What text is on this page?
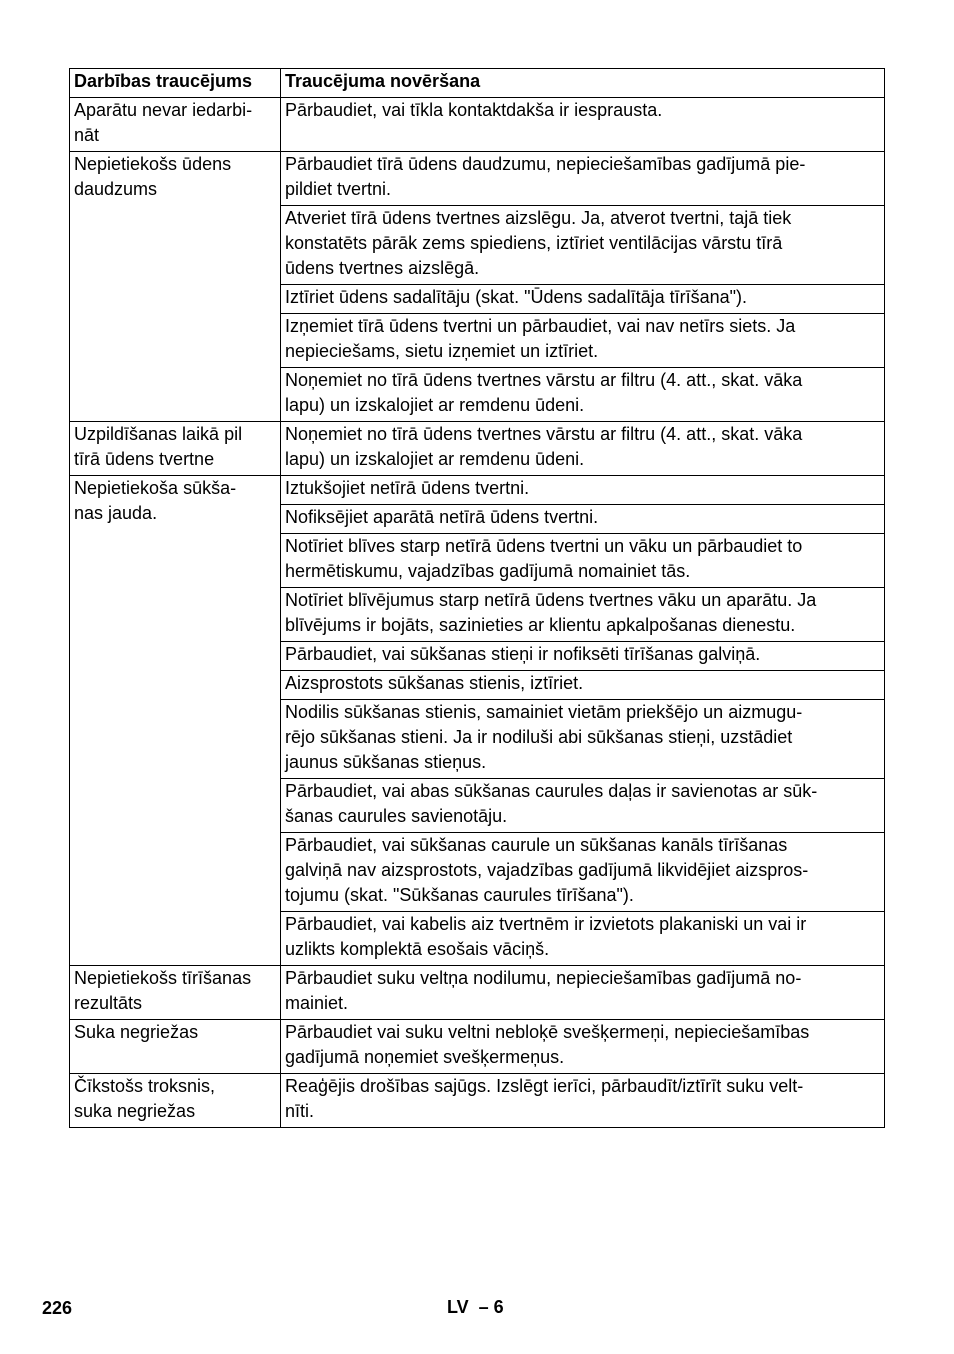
Darbības traucējums	Traucējuma novēršana
Aparātu nevar iedarbi-
nāt	Pārbaudiet, vai tīkla kontaktdakša ir iesprausta.
Nepietiekošs ūdens daudzums	Pārbaudiet tīrā ūdens daudzumu, nepieciešamības gadījumā pie-
pildiet tvertni.
	Atveriet tīrā ūdens tvertnes aizslēgu. Ja, atverot tvertni, tajā tiek
konstatēts pārāk zems spiediens, iztīriet ventilācijas vārstu tīrā
ūdens tvertnes aizslēgā.
	Iztīriet ūdens sadalītāju (skat. "Ūdens sadalītāja tīrīšana").
	Izņemiet tīrā ūdens tvertni un pārbaudiet, vai nav netīrs siets. Ja
nepieciešams, sietu izņemiet un iztīriet.
	Noņemiet no tīrā ūdens tvertnes vārstu ar filtru (4. att., skat. vāka
lapu) un izskalojiet ar remdenu ūdeni.
Uzpildīšanas laikā pil
tīrā ūdens tvertne	Noņemiet no tīrā ūdens tvertnes vārstu ar filtru (4. att., skat. vāka
lapu) un izskalojiet ar remdenu ūdeni.
Nepietiekoša sūkša-
nas jauda.	Iztukšojiet netīrā ūdens tvertni.
	Nofiksējiet aparātā netīrā ūdens tvertni.
	Notīriet blīves starp netīrā ūdens tvertni un vāku un pārbaudiet to
hermētiskumu, vajadzības gadījumā nomainiet tās.
	Notīriet blīvējumus starp netīrā ūdens tvertnes vāku un aparātu. Ja
blīvējums ir bojāts, sazinieties ar klientu apkalpošanas dienestu.
	Pārbaudiet, vai sūkšanas stieņi ir nofiksēti tīrīšanas galviņā.
	Aizsprostots sūkšanas stienis, iztīriet.
	Nodilis sūkšanas stienis, samainiet vietām priekšējo un aizmugu-
rējo sūkšanas stieni. Ja ir nodiluši abi sūkšanas stieņi, uzstādiet
jaunus sūkšanas stieņus.
	Pārbaudiet, vai abas sūkšanas caurules daļas ir savienotas ar sūk-
šanas caurules savienotāju.
	Pārbaudiet, vai sūkšanas caurule un sūkšanas kanāls tīrīšanas
galviņā nav aizsprostots, vajadzības gadījumā likvidējiet aizspros-
tojumu (skat. "Sūkšanas caurules tīrīšana").
	Pārbaudiet, vai kabelis aiz tvertnēm ir izvietots plakaniski un vai ir
uzlikts komplektā esošais vāciņš.
Nepietiekošs tīrīšanas
rezultāts	Pārbaudiet suku veltņa nodilumu, nepieciešamības gadījumā no-
mainiet.
Suka negriežas	Pārbaudiet vai suku veltni nebloķē svešķermeņi, nepieciešamības
gadījumā noņemiet svešķermeņus.
Čīkstošs troksnis,
suka negriežas	Reaģējis drošības sajūgs. Izslēgt ierīci, pārbaudīt/iztīrīt suku velt-
nīti.
226	LV  – 6
